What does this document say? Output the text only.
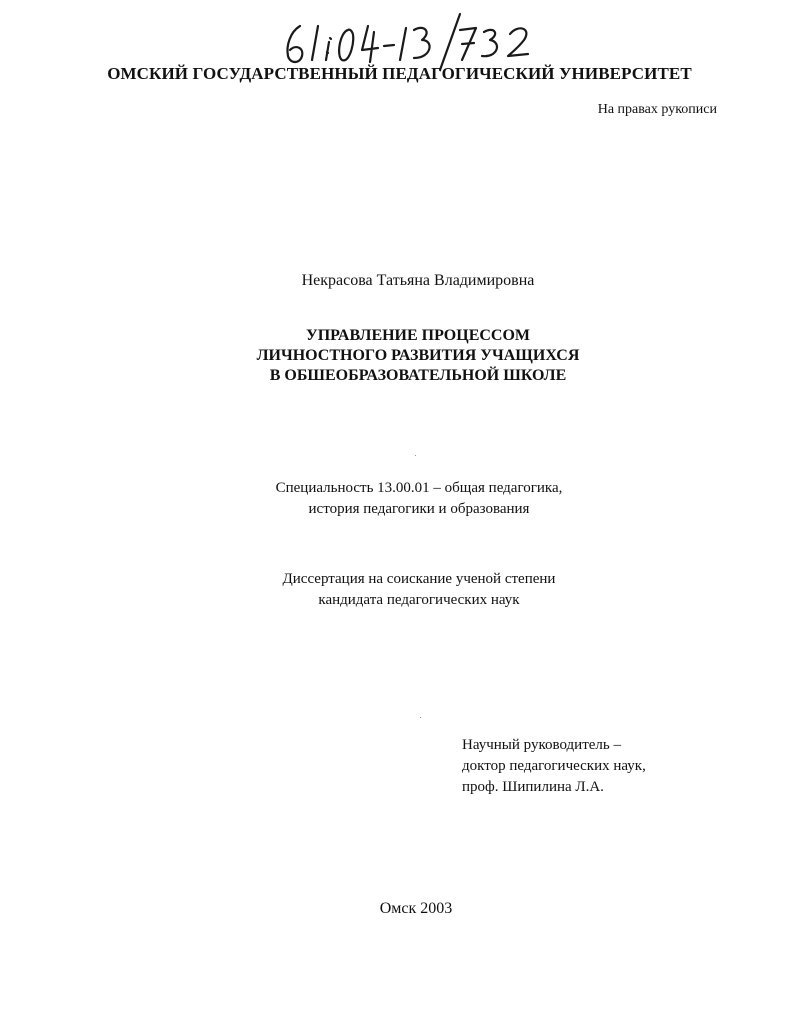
ОМСКИЙ ГОСУДАРСТВЕННЫЙ ПЕДАГОГИЧЕСКИЙ УНИВЕРСИТЕТ
На правах рукописи
Некрасова Татьяна Владимировна
УПРАВЛЕНИЕ ПРОЦЕССОМ
ЛИЧНОСТНОГО РАЗВИТИЯ УЧАЩИХСЯ
В ОБШЕОБРАЗОВАТЕЛЬНОЙ ШКОЛЕ
Специальность 13.00.01 – общая педагогика,
история педагогики и образования
Диссертация на соискание ученой степени
кандидата педагогических наук
Научный руководитель –
доктор педагогических наук,
проф. Шипилина Л.А.
Омск 2003
